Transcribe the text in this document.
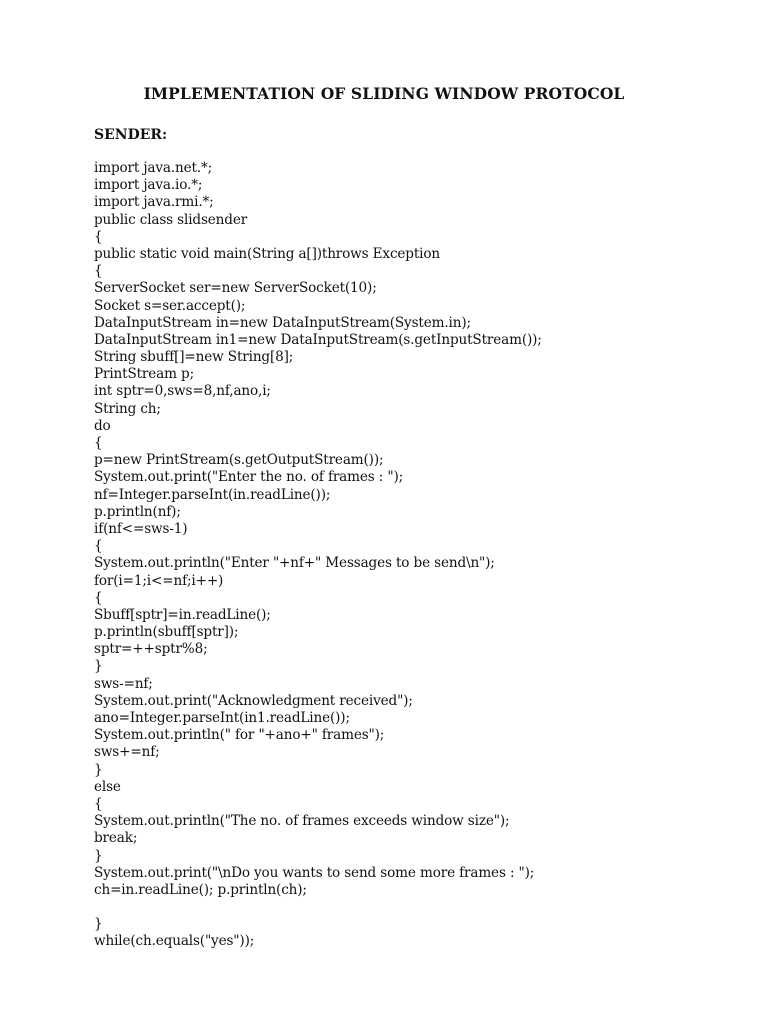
IMPLEMENTATION OF SLIDING WINDOW PROTOCOL
SENDER:
import java.net.*;
import java.io.*;
import java.rmi.*;
public class slidsender
{
public static void main(String a[])throws Exception
{
ServerSocket ser=new ServerSocket(10);
Socket s=ser.accept();
DataInputStream in=new DataInputStream(System.in);
DataInputStream in1=new DataInputStream(s.getInputStream());
String sbuff[]=new String[8];
PrintStream p;
int sptr=0,sws=8,nf,ano,i;
String ch;
do
{
p=new PrintStream(s.getOutputStream());
System.out.print("Enter the no. of frames : ");
nf=Integer.parseInt(in.readLine());
p.println(nf);
if(nf<=sws-1)
{
System.out.println("Enter "+nf+" Messages to be send\n");
for(i=1;i<=nf;i++)
{
Sbuff[sptr]=in.readLine();
p.println(sbuff[sptr]);
sptr=++sptr%8;
}
sws-=nf;
System.out.print("Acknowledgment received");
ano=Integer.parseInt(in1.readLine());
System.out.println(" for "+ano+" frames");
sws+=nf;
}
else
{
System.out.println("The no. of frames exceeds window size");
break;
}
System.out.print("\nDo you wants to send some more frames : ");
ch=in.readLine(); p.println(ch);
}
while(ch.equals("yes"));
